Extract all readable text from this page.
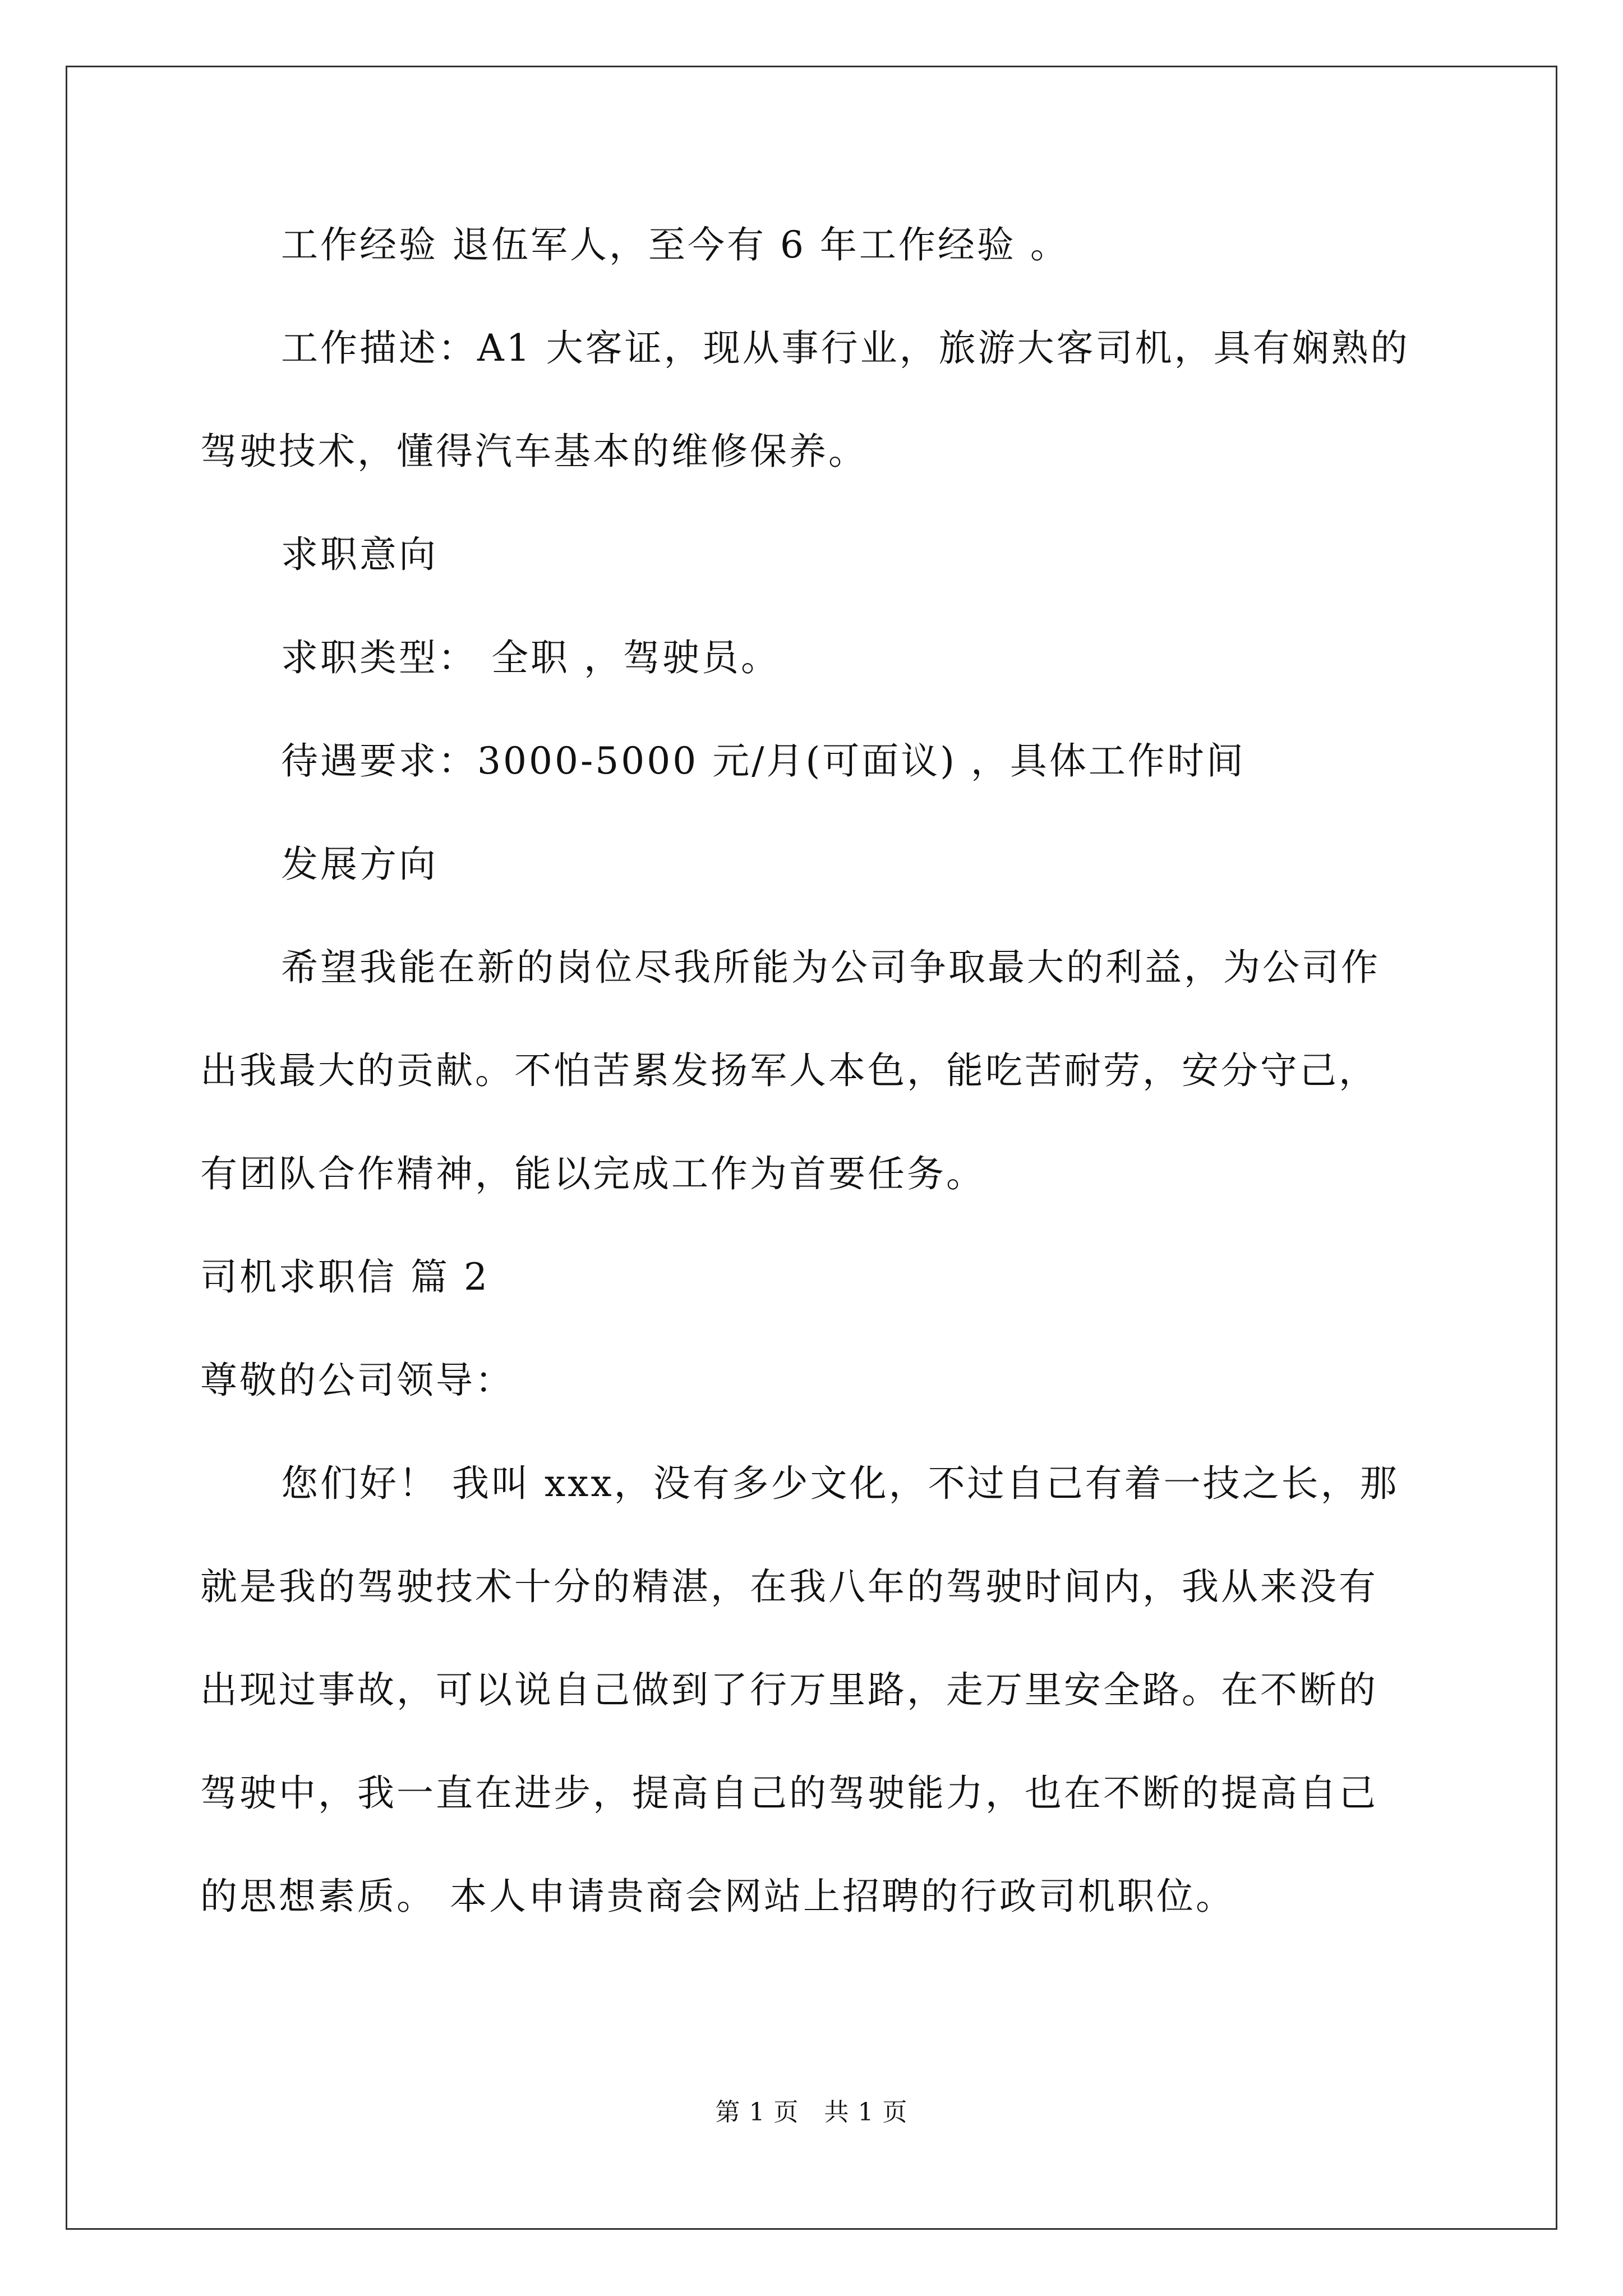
工作经验 退伍军人，至今有 6 年工作经验 。
工作描述：A1 大客证，现从事行业，旅游大客司机，具有娴熟的
驾驶技术，懂得汽车基本的维修保养。
求职意向
求职类型： 全职 ，驾驶员。
待遇要求：3000-5000 元/月(可面议) ，具体工作时间
发展方向
希望我能在新的岗位尽我所能为公司争取最大的利益，为公司作
出我最大的贡献。不怕苦累发扬军人本色，能吃苦耐劳，安分守己，
有团队合作精神，能以完成工作为首要任务。
司机求职信 篇 2
尊敬的公司领导：
您们好！ 我叫 xxx，没有多少文化，不过自己有着一技之长，那
就是我的驾驶技术十分的精湛，在我八年的驾驶时间内，我从来没有
出现过事故，可以说自己做到了行万里路，走万里安全路。在不断的
驾驶中，我一直在进步，提高自己的驾驶能力，也在不断的提高自己
的思想素质。 本人申请贵商会网站上招聘的行政司机职位。
第 1 页   共 1 页
